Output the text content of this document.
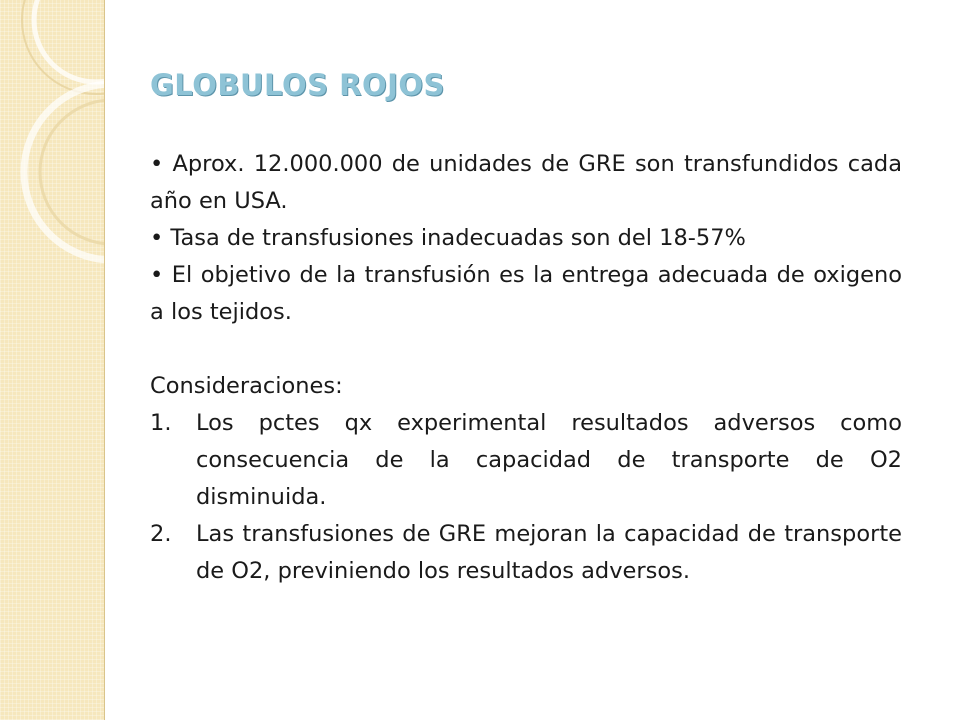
GLOBULOS ROJOS

• Aprox. 12.000.000 de unidades de GRE son transfundidos cada año en USA.

• Tasa de transfusiones inadecuadas son del 18-57%

• El objetivo de la transfusión es la entrega adecuada de oxigeno a los tejidos.

Consideraciones:

1. Los pctes qx experimental resultados adversos como consecuencia de la capacidad de transporte de O2 disminuida.
2. Las transfusiones de GRE mejoran la capacidad de transporte de O2, previniendo los resultados adversos.
